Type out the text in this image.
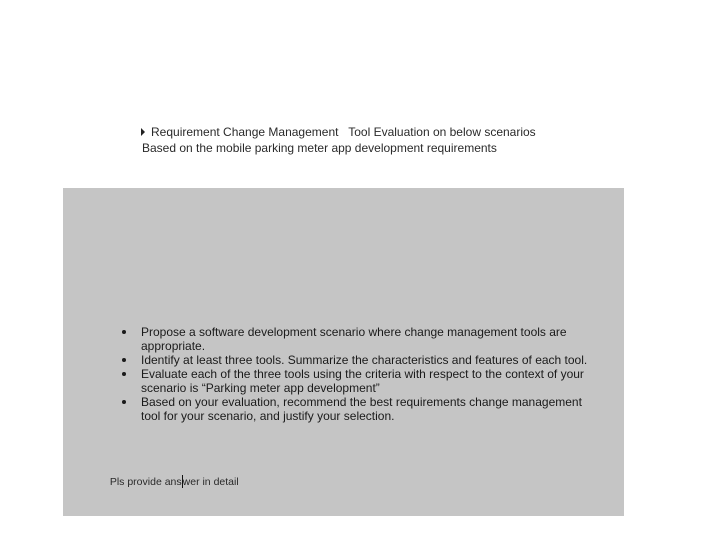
Requirement Change Management   Tool Evaluation on below scenarios
Based on the mobile parking meter app development requirements
Propose a software development scenario where change management tools are appropriate.
Identify at least three tools. Summarize the characteristics and features of each tool.
Evaluate each of the three tools using the criteria with respect to the context of your scenario is “Parking meter app development”
Based on your evaluation, recommend the best requirements change management tool for your scenario, and justify your selection.

Pls provide answer in detail
